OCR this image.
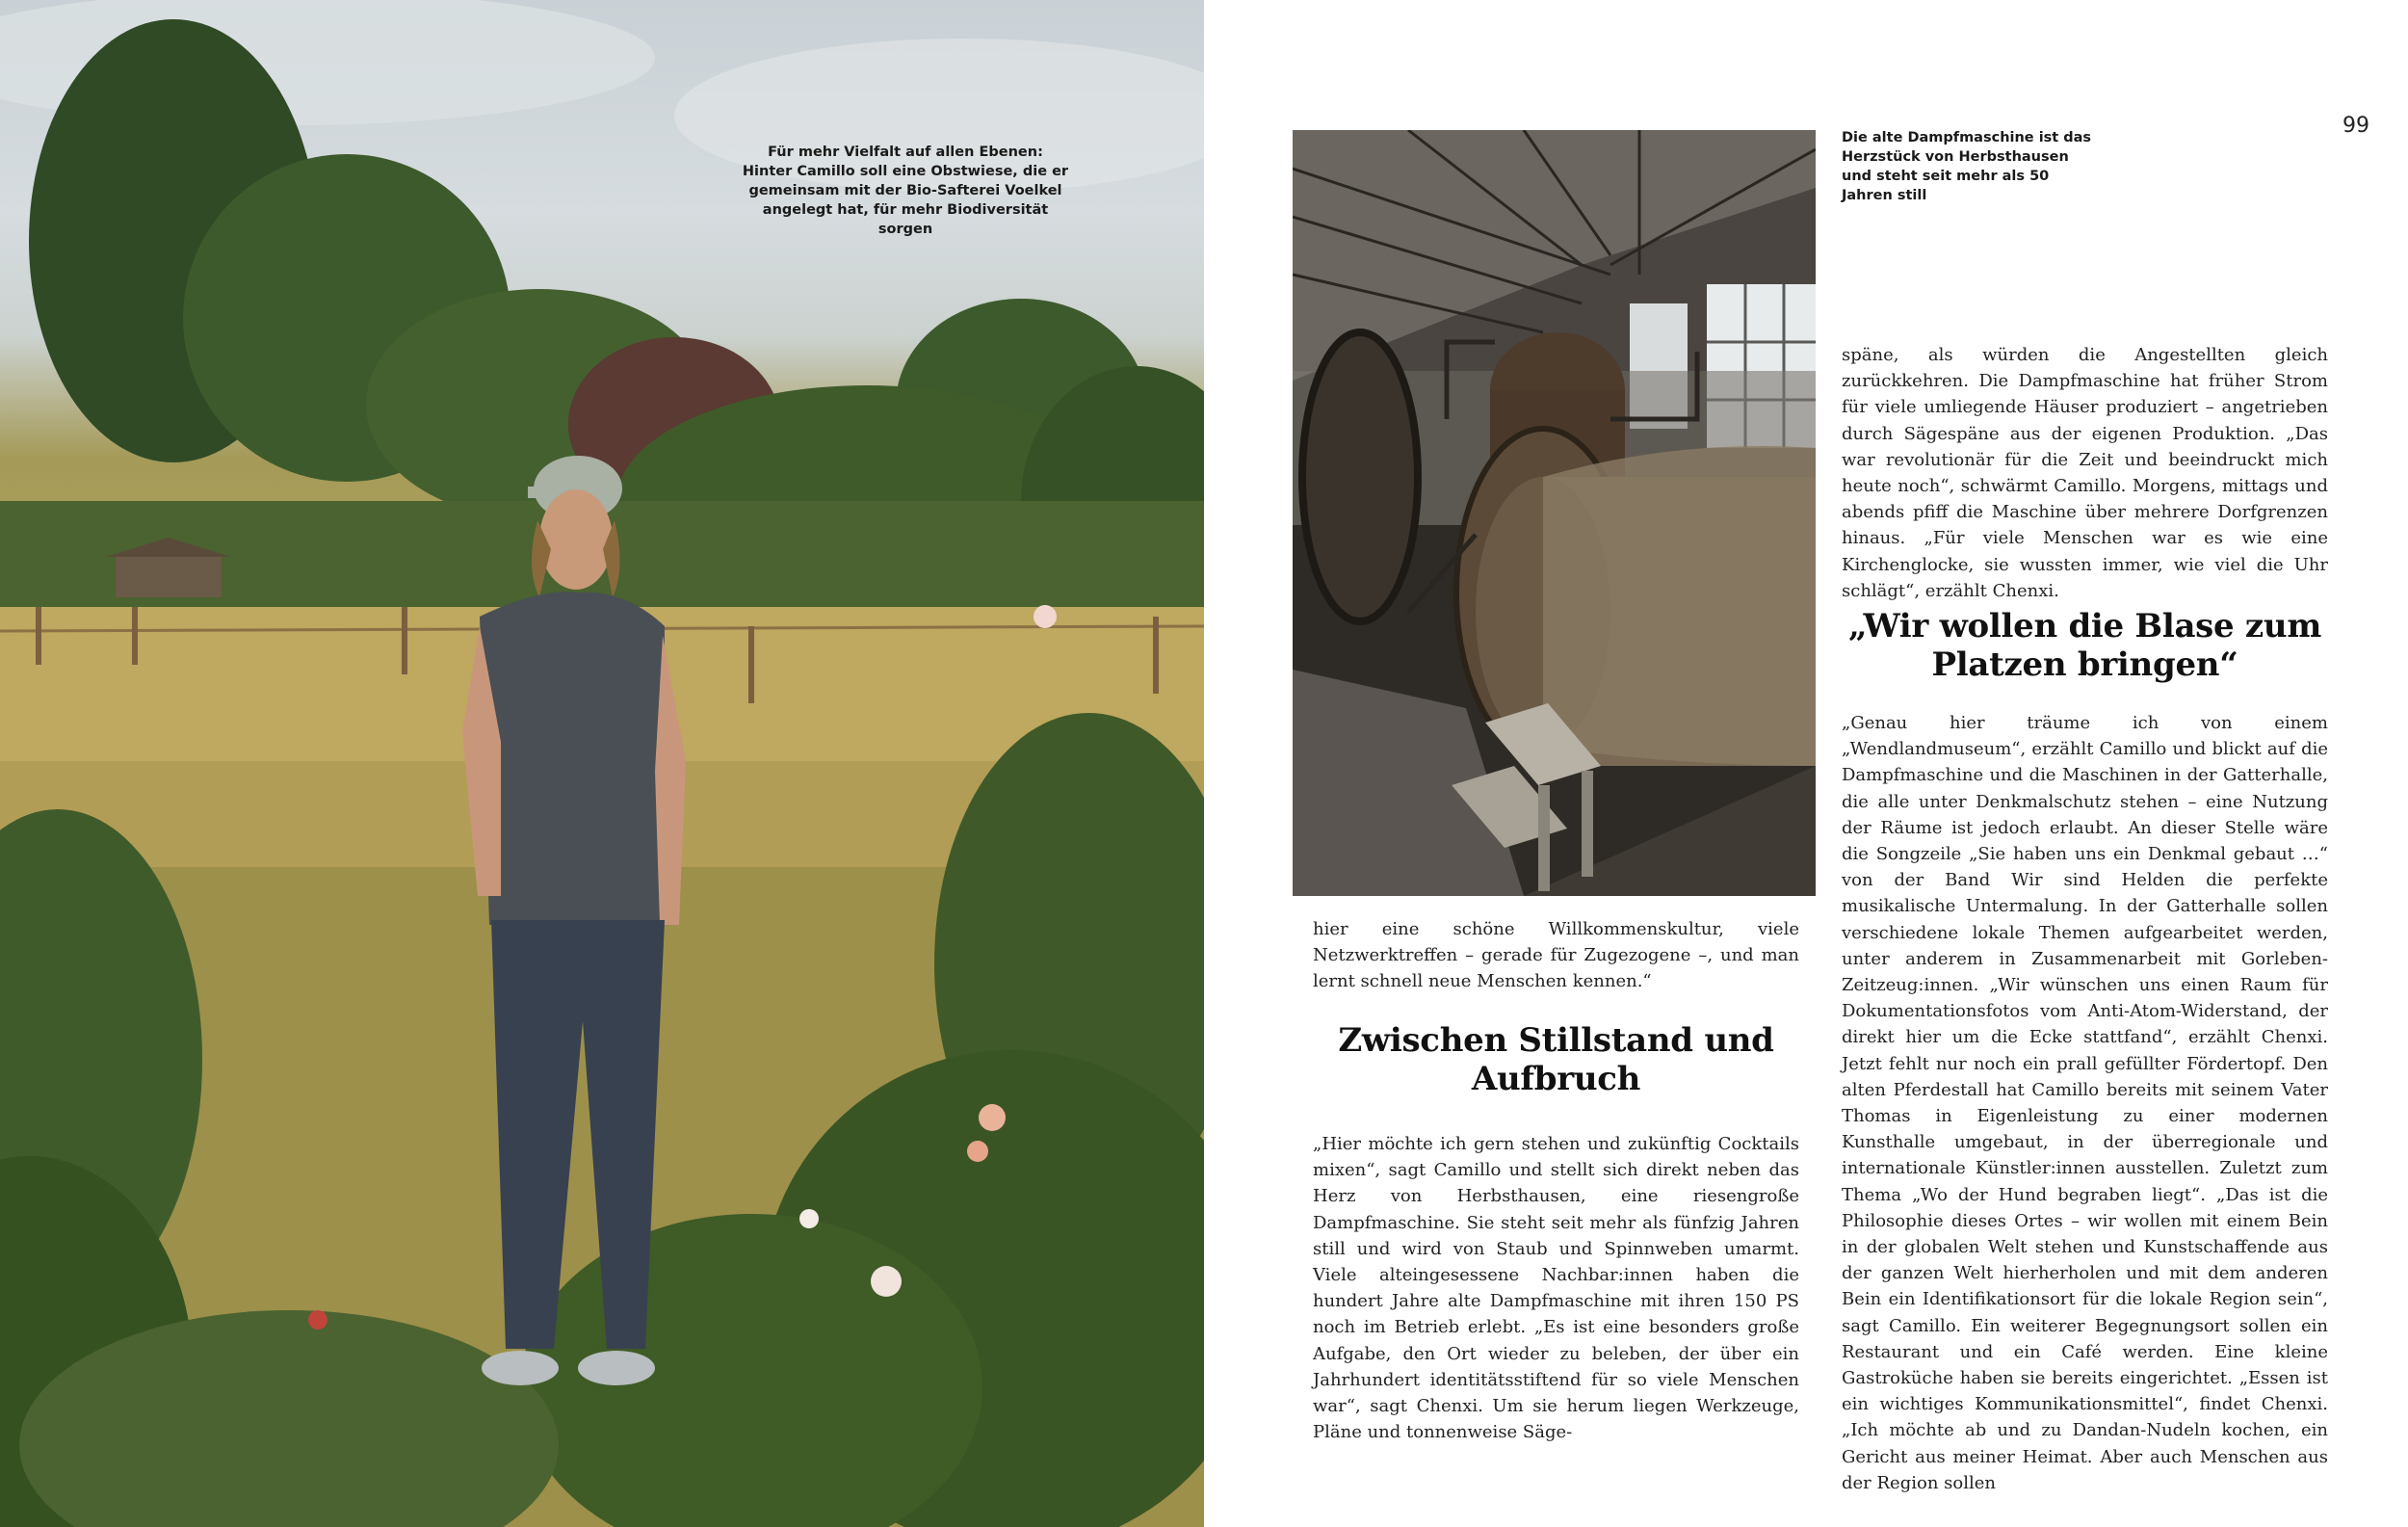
Für mehr Vielfalt auf allen Ebenen: Hinter Camillo soll eine Obstwiese, die er gemeinsam mit der Bio-Safterei Voelkel angelegt hat, für mehr Biodiversität sorgen
99
Die alte Dampfmaschine ist das Herzstück von Herbsthausen und steht seit mehr als 50 Jahren still

hier eine schöne Willkommenskultur, viele Netzwerktreffen – gerade für Zugezogene –, und man lernt schnell neue Menschen kennen.“

Zwischen Stillstand und Aufbruch

„Hier möchte ich gern stehen und zukünftig Cocktails mixen“, sagt Camillo und stellt sich direkt neben das Herz von Herbsthausen, eine riesengroße Dampfmaschine. Sie steht seit mehr als fünfzig Jahren still und wird von Staub und Spinnweben umarmt. Viele alteingesessene Nachbar:innen haben die hundert Jahre alte Dampfmaschine mit ihren 150 PS noch im Betrieb erlebt. „Es ist eine besonders große Aufgabe, den Ort wieder zu beleben, der über ein Jahrhundert identitätsstiftend für so viele Menschen war“, sagt Chenxi. Um sie herum liegen Werkzeuge, Pläne und tonnenweise Säge-

späne, als würden die Angestellten gleich zurückkehren. Die Dampfmaschine hat früher Strom für viele umliegende Häuser produziert – angetrieben durch Sägespäne aus der eigenen Produktion. „Das war revolutionär für die Zeit und beeindruckt mich heute noch“, schwärmt Camillo. Morgens, mittags und abends pfiff die Maschine über mehrere Dorfgrenzen hinaus. „Für viele Menschen war es wie eine Kirchenglocke, sie wussten immer, wie viel die Uhr schlägt“, erzählt Chenxi.

„Wir wollen die Blase zum Platzen bringen“

„Genau hier träume ich von einem „Wendlandmuseum“, erzählt Camillo und blickt auf die Dampfmaschine und die Maschinen in der Gatterhalle, die alle unter Denkmalschutz stehen – eine Nutzung der Räume ist jedoch erlaubt. An dieser Stelle wäre die Songzeile „Sie haben uns ein Denkmal gebaut …“ von der Band Wir sind Helden die perfekte musikalische Untermalung. In der Gatterhalle sollen verschiedene lokale Themen aufgearbeitet werden, unter anderem in Zusammenarbeit mit Gorleben-Zeitzeug:innen. „Wir wünschen uns einen Raum für Dokumentationsfotos vom Anti-Atom-Widerstand, der direkt hier um die Ecke stattfand“, erzählt Chenxi. Jetzt fehlt nur noch ein prall gefüllter Fördertopf. Den alten Pferdestall hat Camillo bereits mit seinem Vater Thomas in Eigenleistung zu einer modernen Kunsthalle umgebaut, in der überregionale und internationale Künstler:innen ausstellen. Zuletzt zum Thema „Wo der Hund begraben liegt“. „Das ist die Philosophie dieses Ortes – wir wollen mit einem Bein in der globalen Welt stehen und Kunstschaffende aus der ganzen Welt hierherholen und mit dem anderen Bein ein Identifikationsort für die lokale Region sein“, sagt Camillo. Ein weiterer Begegnungsort sollen ein Restaurant und ein Café werden. Eine kleine Gastroküche haben sie bereits eingerichtet. „Essen ist ein wichtiges Kommunikationsmittel“, findet Chenxi. „Ich möchte ab und zu Dandan-Nudeln kochen, ein Gericht aus meiner Heimat. Aber auch Menschen aus der Region sollen
